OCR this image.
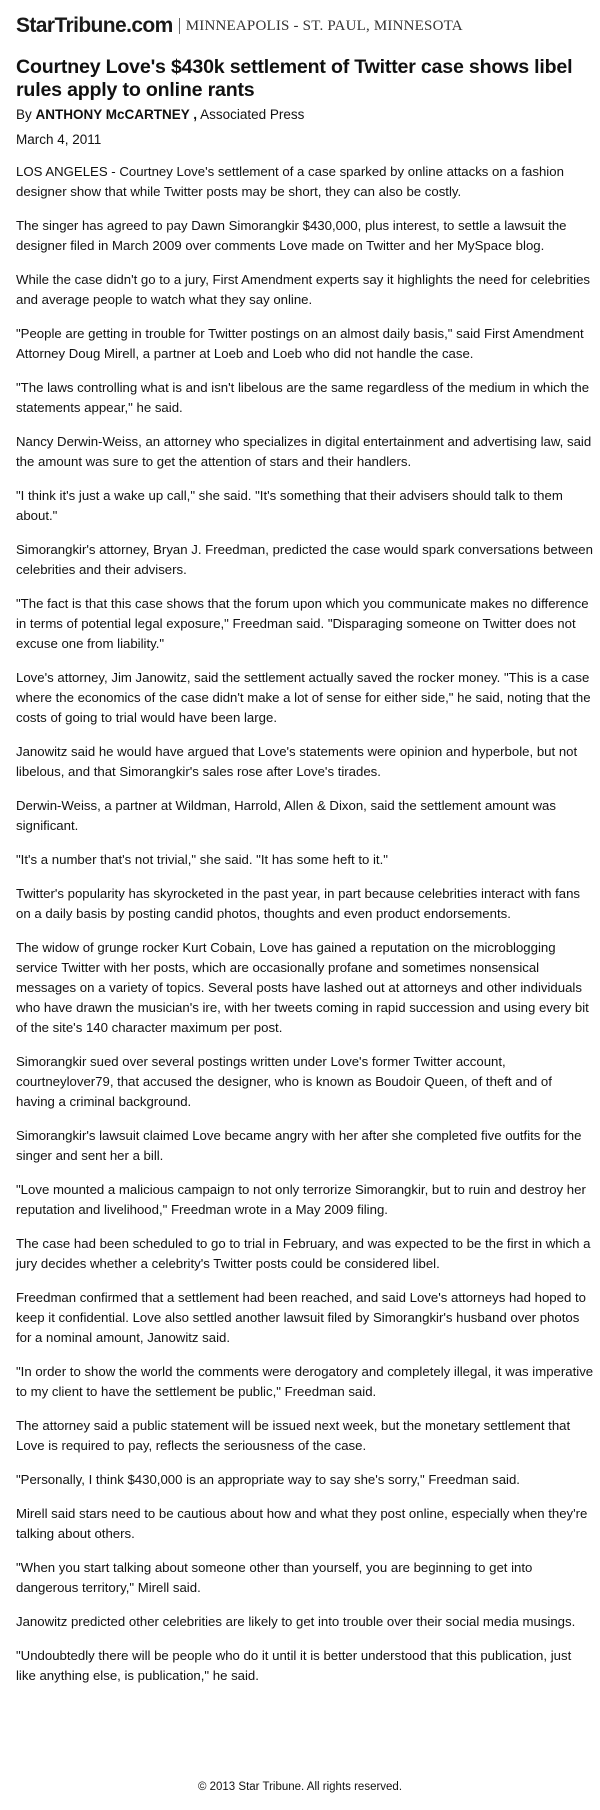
StarTribune.com MINNEAPOLIS - ST. PAUL, MINNESOTA
Courtney Love's $430k settlement of Twitter case shows libel rules apply to online rants
By ANTHONY McCARTNEY , Associated Press
March 4, 2011

LOS ANGELES - Courtney Love's settlement of a case sparked by online attacks on a fashion designer show that while Twitter posts may be short, they can also be costly.

The singer has agreed to pay Dawn Simorangkir $430,000, plus interest, to settle a lawsuit the designer filed in March 2009 over comments Love made on Twitter and her MySpace blog.

While the case didn't go to a jury, First Amendment experts say it highlights the need for celebrities and average people to watch what they say online.

"People are getting in trouble for Twitter postings on an almost daily basis," said First Amendment Attorney Doug Mirell, a partner at Loeb and Loeb who did not handle the case.

"The laws controlling what is and isn't libelous are the same regardless of the medium in which the statements appear," he said.

Nancy Derwin-Weiss, an attorney who specializes in digital entertainment and advertising law, said the amount was sure to get the attention of stars and their handlers.

"I think it's just a wake up call," she said. "It's something that their advisers should talk to them about."

Simorangkir's attorney, Bryan J. Freedman, predicted the case would spark conversations between celebrities and their advisers.

"The fact is that this case shows that the forum upon which you communicate makes no difference in terms of potential legal exposure," Freedman said. "Disparaging someone on Twitter does not excuse one from liability."

Love's attorney, Jim Janowitz, said the settlement actually saved the rocker money. "This is a case where the economics of the case didn't make a lot of sense for either side," he said, noting that the costs of going to trial would have been large.

Janowitz said he would have argued that Love's statements were opinion and hyperbole, but not libelous, and that Simorangkir's sales rose after Love's tirades.

Derwin-Weiss, a partner at Wildman, Harrold, Allen & Dixon, said the settlement amount was significant.

"It's a number that's not trivial," she said. "It has some heft to it."

Twitter's popularity has skyrocketed in the past year, in part because celebrities interact with fans on a daily basis by posting candid photos, thoughts and even product endorsements.

The widow of grunge rocker Kurt Cobain, Love has gained a reputation on the microblogging service Twitter with her posts, which are occasionally profane and sometimes nonsensical messages on a variety of topics. Several posts have lashed out at attorneys and other individuals who have drawn the musician's ire, with her tweets coming in rapid succession and using every bit of the site's 140 character maximum per post.

Simorangkir sued over several postings written under Love's former Twitter account, courtneylover79, that accused the designer, who is known as Boudoir Queen, of theft and of having a criminal background.

Simorangkir's lawsuit claimed Love became angry with her after she completed five outfits for the singer and sent her a bill.

"Love mounted a malicious campaign to not only terrorize Simorangkir, but to ruin and destroy her reputation and livelihood," Freedman wrote in a May 2009 filing.

The case had been scheduled to go to trial in February, and was expected to be the first in which a jury decides whether a celebrity's Twitter posts could be considered libel.

Freedman confirmed that a settlement had been reached, and said Love's attorneys had hoped to keep it confidential. Love also settled another lawsuit filed by Simorangkir's husband over photos for a nominal amount, Janowitz said.

"In order to show the world the comments were derogatory and completely illegal, it was imperative to my client to have the settlement be public," Freedman said.

The attorney said a public statement will be issued next week, but the monetary settlement that Love is required to pay, reflects the seriousness of the case.

"Personally, I think $430,000 is an appropriate way to say she's sorry," Freedman said.

Mirell said stars need to be cautious about how and what they post online, especially when they're talking about others.

"When you start talking about someone other than yourself, you are beginning to get into dangerous territory," Mirell said.

Janowitz predicted other celebrities are likely to get into trouble over their social media musings.

"Undoubtedly there will be people who do it until it is better understood that this publication, just like anything else, is publication," he said.

© 2013 Star Tribune. All rights reserved.
